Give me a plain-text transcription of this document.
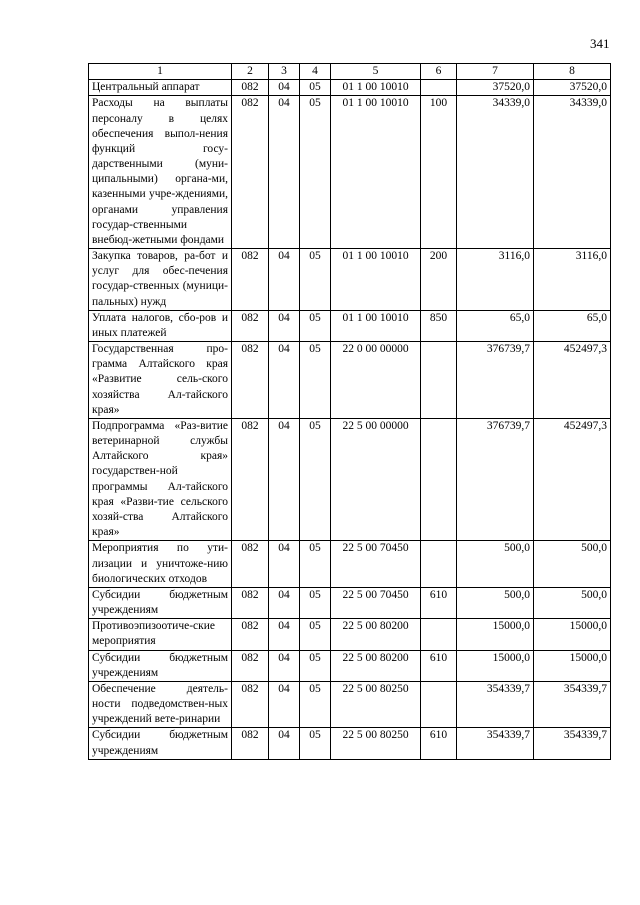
341
1	2	3	4	5	6	7	8
Центральный аппарат	082	04	05	01 1 00 10010		37520,0	37520,0
Расходы на выплаты персоналу в целях обеспечения выпол-нения функций госу-дарственными (муни-ципальными) органа-ми, казенными учре-ждениями, органами управления государ-ственными внебюд-жетными фондами	082	04	05	01 1 00 10010	100	34339,0	34339,0
Закупка товаров, ра-бот и услуг для обес-печения государ-ственных (муници-пальных) нужд	082	04	05	01 1 00 10010	200	3116,0	3116,0
Уплата налогов, сбо-ров и иных платежей	082	04	05	01 1 00 10010	850	65,0	65,0
Государственная про-грамма Алтайского края «Развитие сель-ского хозяйства Ал-тайского края»	082	04	05	22 0 00 00000		376739,7	452497,3
Подпрограмма «Раз-витие ветеринарной службы Алтайского края» государствен-ной программы Ал-тайского края «Разви-тие сельского хозяй-ства Алтайского края»	082	04	05	22 5 00 00000		376739,7	452497,3
Мероприятия по ути-лизации и уничтоже-нию биологических отходов	082	04	05	22 5 00 70450		500,0	500,0
Субсидии бюджетным учреждениям	082	04	05	22 5 00 70450	610	500,0	500,0
Противоэпизоотиче-ские мероприятия	082	04	05	22 5 00 80200		15000,0	15000,0
Субсидии бюджетным учреждениям	082	04	05	22 5 00 80200	610	15000,0	15000,0
Обеспечение деятель-ности подведомствен-ных учреждений вете-ринарии	082	04	05	22 5 00 80250		354339,7	354339,7
Субсидии бюджетным учреждениям	082	04	05	22 5 00 80250	610	354339,7	354339,7
